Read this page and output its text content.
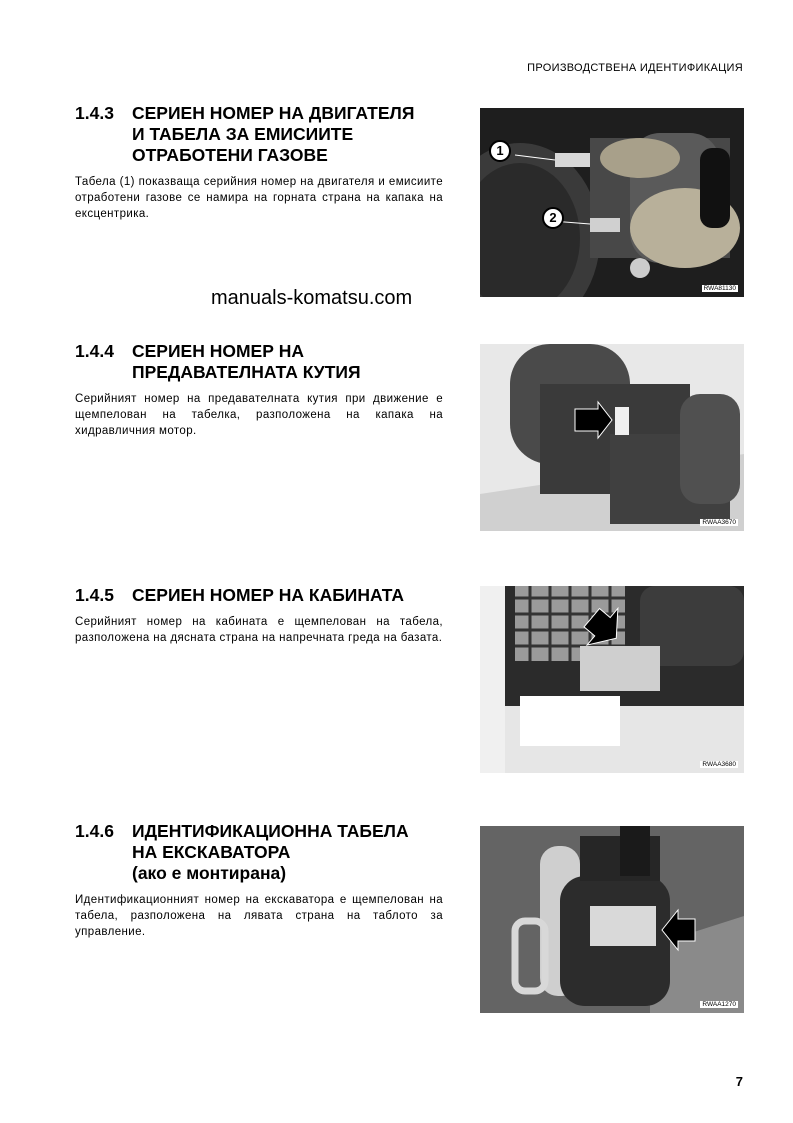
ПРОИЗВОДСТВЕНА ИДЕНТИФИКАЦИЯ
1.4.3	СЕРИЕН НОМЕР НА ДВИГАТЕЛЯ
И ТАБЕЛА ЗА ЕМИСИИТЕ
ОТРАБОТЕНИ ГАЗОВЕ
Табела (1) показваща серийния номер на двигателя и емисиите отработени газове се намира на горната страна на капака на ексцентрика.
1
2
RWA81130
manuals-komatsu.com
1.4.4	СЕРИЕН НОМЕР НА
ПРЕДАВАТЕЛНАТА КУТИЯ
Серийният номер на предавателната кутия при движение е щемпелован на табелка, разположена на капака на хидравличния мотор.
RWAA3670
1.4.5	СЕРИЕН НОМЕР НА КАБИНАТА
Серийният номер на кабината е щемпелован на табела, разположена на дясната страна на напречната греда на базата.
RWAA3680
1.4.6	ИДЕНТИФИКАЦИОННА ТАБЕЛА
НА ЕКСКАВАТОРА
(ако е монтирана)
Идентификационният номер на екскаватора е щемпелован на табела, разположена на лявата страна на таблото за управление.
RWAA1270
7
